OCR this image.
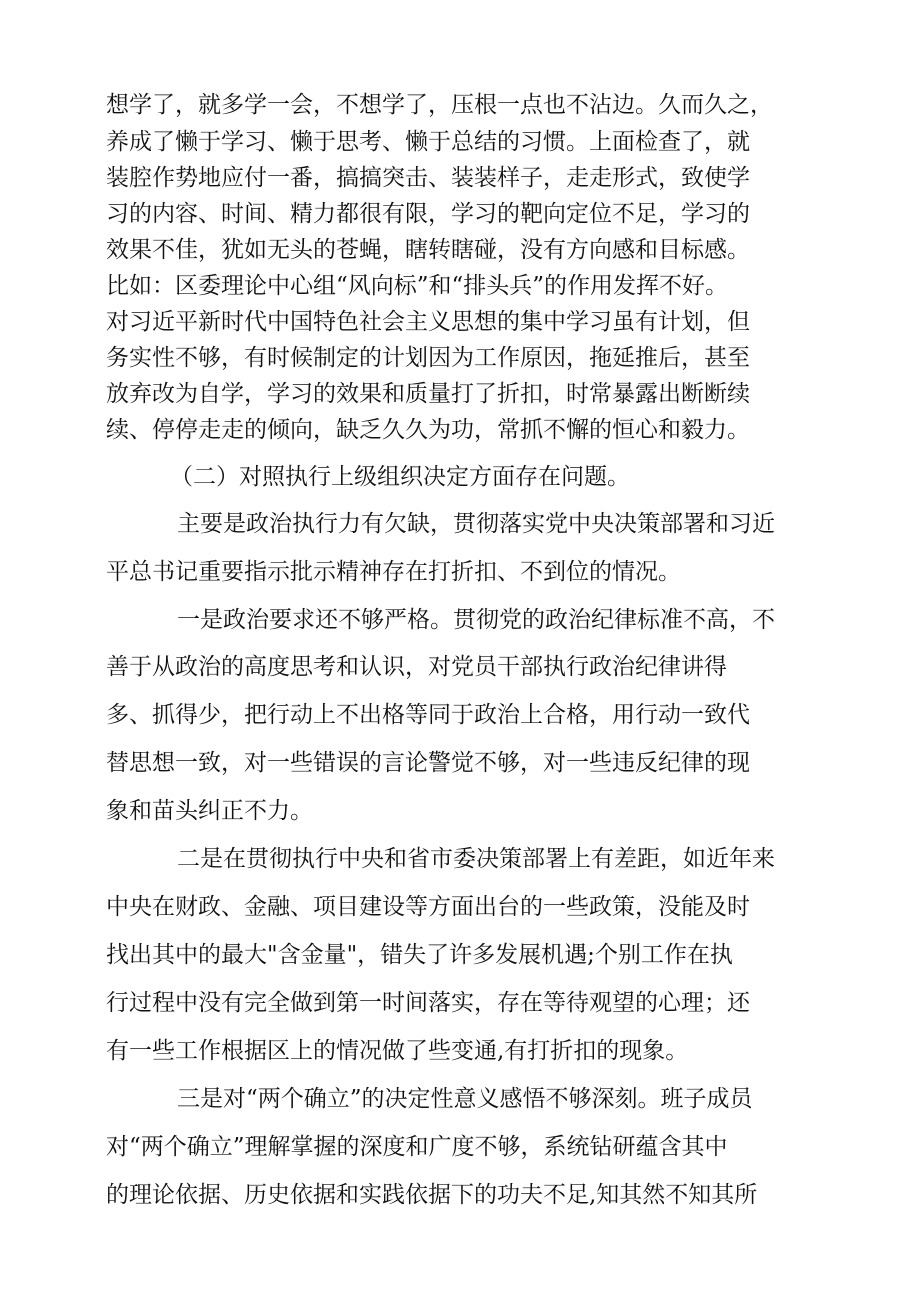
想学了，就多学一会，不想学了，压根一点也不沾边。久而久之，
养成了懒于学习、懒于思考、懒于总结的习惯。上面检查了，就
装腔作势地应付一番，搞搞突击、装装样子，走走形式，致使学
习的内容、时间、精力都很有限，学习的靶向定位不足，学习的
效果不佳，犹如无头的苍蝇，瞎转瞎碰，没有方向感和目标感。
比如：区委理论中心组“风向标”和“排头兵”的作用发挥不好。
对习近平新时代中国特色社会主义思想的集中学习虽有计划，但
务实性不够，有时候制定的计划因为工作原因，拖延推后，甚至
放弃改为自学，学习的效果和质量打了折扣，时常暴露出断断续
续、停停走走的倾向，缺乏久久为功，常抓不懈的恒心和毅力。
（二）对照执行上级组织决定方面存在问题。
主要是政治执行力有欠缺，贯彻落实党中央决策部署和习近
平总书记重要指示批示精神存在打折扣、不到位的情况。
一是政治要求还不够严格。贯彻党的政治纪律标准不高，不
善于从政治的高度思考和认识，对党员干部执行政治纪律讲得
多、抓得少，把行动上不出格等同于政治上合格，用行动一致代
替思想一致，对一些错误的言论警觉不够，对一些违反纪律的现
象和苗头纠正不力。
二是在贯彻执行中央和省市委决策部署上有差距，如近年来
中央在财政、金融、项目建设等方面出台的一些政策，没能及时
找出其中的最大"含金量"，错失了许多发展机遇;个别工作在执
行过程中没有完全做到第一时间落实，存在等待观望的心理；还
有一些工作根据区上的情况做了些变通,有打折扣的现象。
三是对“两个确立”的决定性意义感悟不够深刻。班子成员
对“两个确立”理解掌握的深度和广度不够，系统钻研蕴含其中
的理论依据、历史依据和实践依据下的功夫不足,知其然不知其所
